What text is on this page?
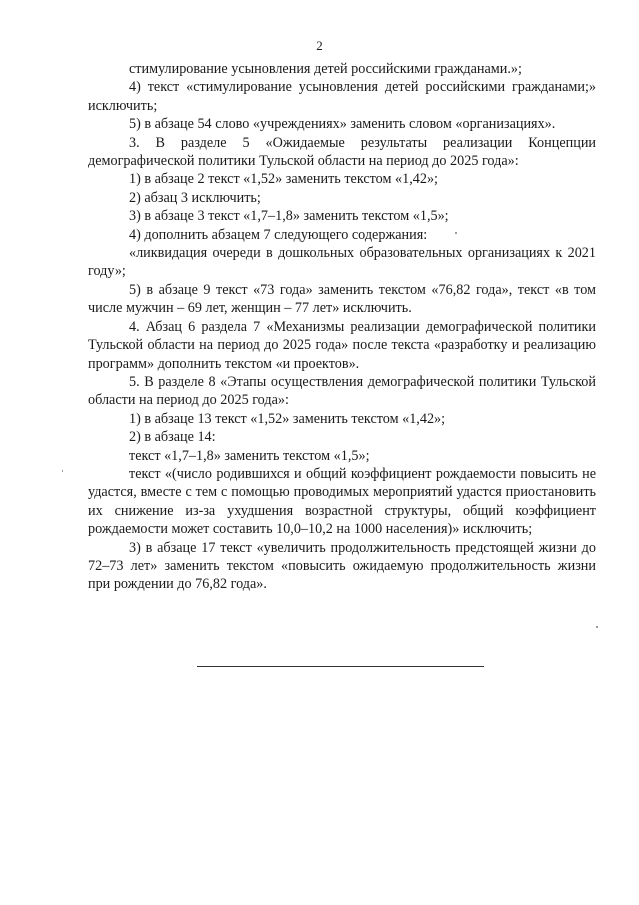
2

стимулирование усыновления детей российскими гражданами.»;

4) текст «стимулирование усыновления детей российскими гражданами;» исключить;

5) в абзаце 54 слово «учреждениях» заменить словом «организациях».

3. В разделе 5 «Ожидаемые результаты реализации Концепции демографической политики Тульской области на период до 2025 года»:

1) в абзаце 2 текст «1,52» заменить текстом «1,42»;

2) абзац 3 исключить;

3) в абзаце 3 текст «1,7–1,8» заменить текстом «1,5»;

4) дополнить абзацем 7 следующего содержания:

«ликвидация очереди в дошкольных образовательных организациях к 2021 году»;

5) в абзаце 9 текст «73 года» заменить текстом «76,82 года», текст «в том числе мужчин – 69 лет, женщин – 77 лет» исключить.

4. Абзац 6 раздела 7 «Механизмы реализации демографической политики Тульской области на период до 2025 года» после текста «разработку и реализацию программ» дополнить текстом «и проектов».

5. В разделе 8 «Этапы осуществления демографической политики Тульской области на период до 2025 года»:

1) в абзаце 13 текст «1,52» заменить текстом «1,42»;

2) в абзаце 14:

текст «1,7–1,8» заменить текстом «1,5»;

текст «(число родившихся и общий коэффициент рождаемости повысить не удастся, вместе с тем с помощью проводимых мероприятий удастся приостановить их снижение из-за ухудшения возрастной структуры, общий коэффициент рождаемости может составить 10,0–10,2 на 1000 населения)» исключить;

3) в абзаце 17 текст «увеличить продолжительность предстоящей жизни до 72–73 лет» заменить текстом «повысить ожидаемую продолжительность жизни при рождении до 76,82 года».
